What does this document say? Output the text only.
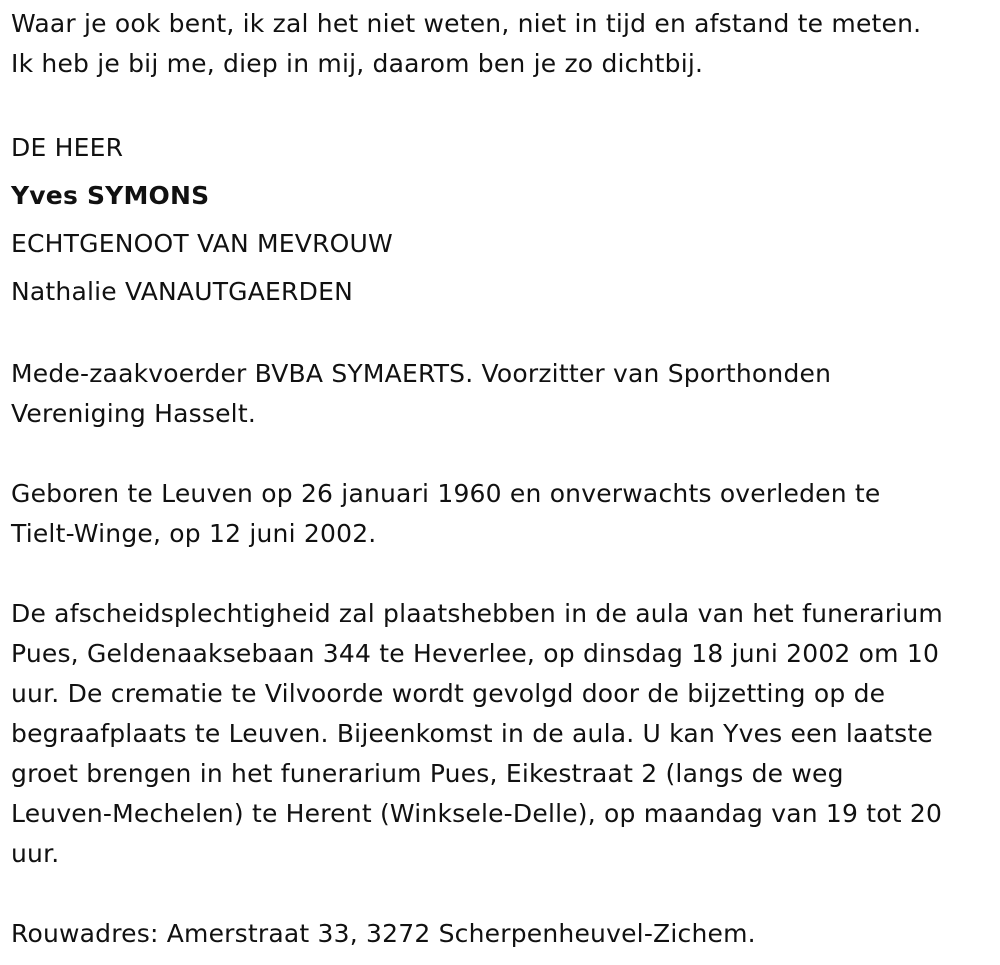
Waar je ook bent, ik zal het niet weten, niet in tijd en afstand te meten.
Ik heb je bij me, diep in mij, daarom ben je zo dichtbij.
DE HEER
Yves SYMONS
ECHTGENOOT VAN MEVROUW
Nathalie VANAUTGAERDEN
Mede-zaakvoerder BVBA SYMAERTS. Voorzitter van Sporthonden
Vereniging Hasselt.
Geboren te Leuven op 26 januari 1960 en onverwachts overleden te
Tielt-Winge, op 12 juni 2002.
De afscheidsplechtigheid zal plaatshebben in de aula van het funerarium
Pues, Geldenaaksebaan 344 te Heverlee, op dinsdag 18 juni 2002 om 10
uur. De crematie te Vilvoorde wordt gevolgd door de bijzetting op de
begraafplaats te Leuven. Bijeenkomst in de aula. U kan Yves een laatste
groet brengen in het funerarium Pues, Eikestraat 2 (langs de weg
Leuven-Mechelen) te Herent (Winksele-Delle), op maandag van 19 tot 20
uur.
Rouwadres: Amerstraat 33, 3272 Scherpenheuvel-Zichem.
